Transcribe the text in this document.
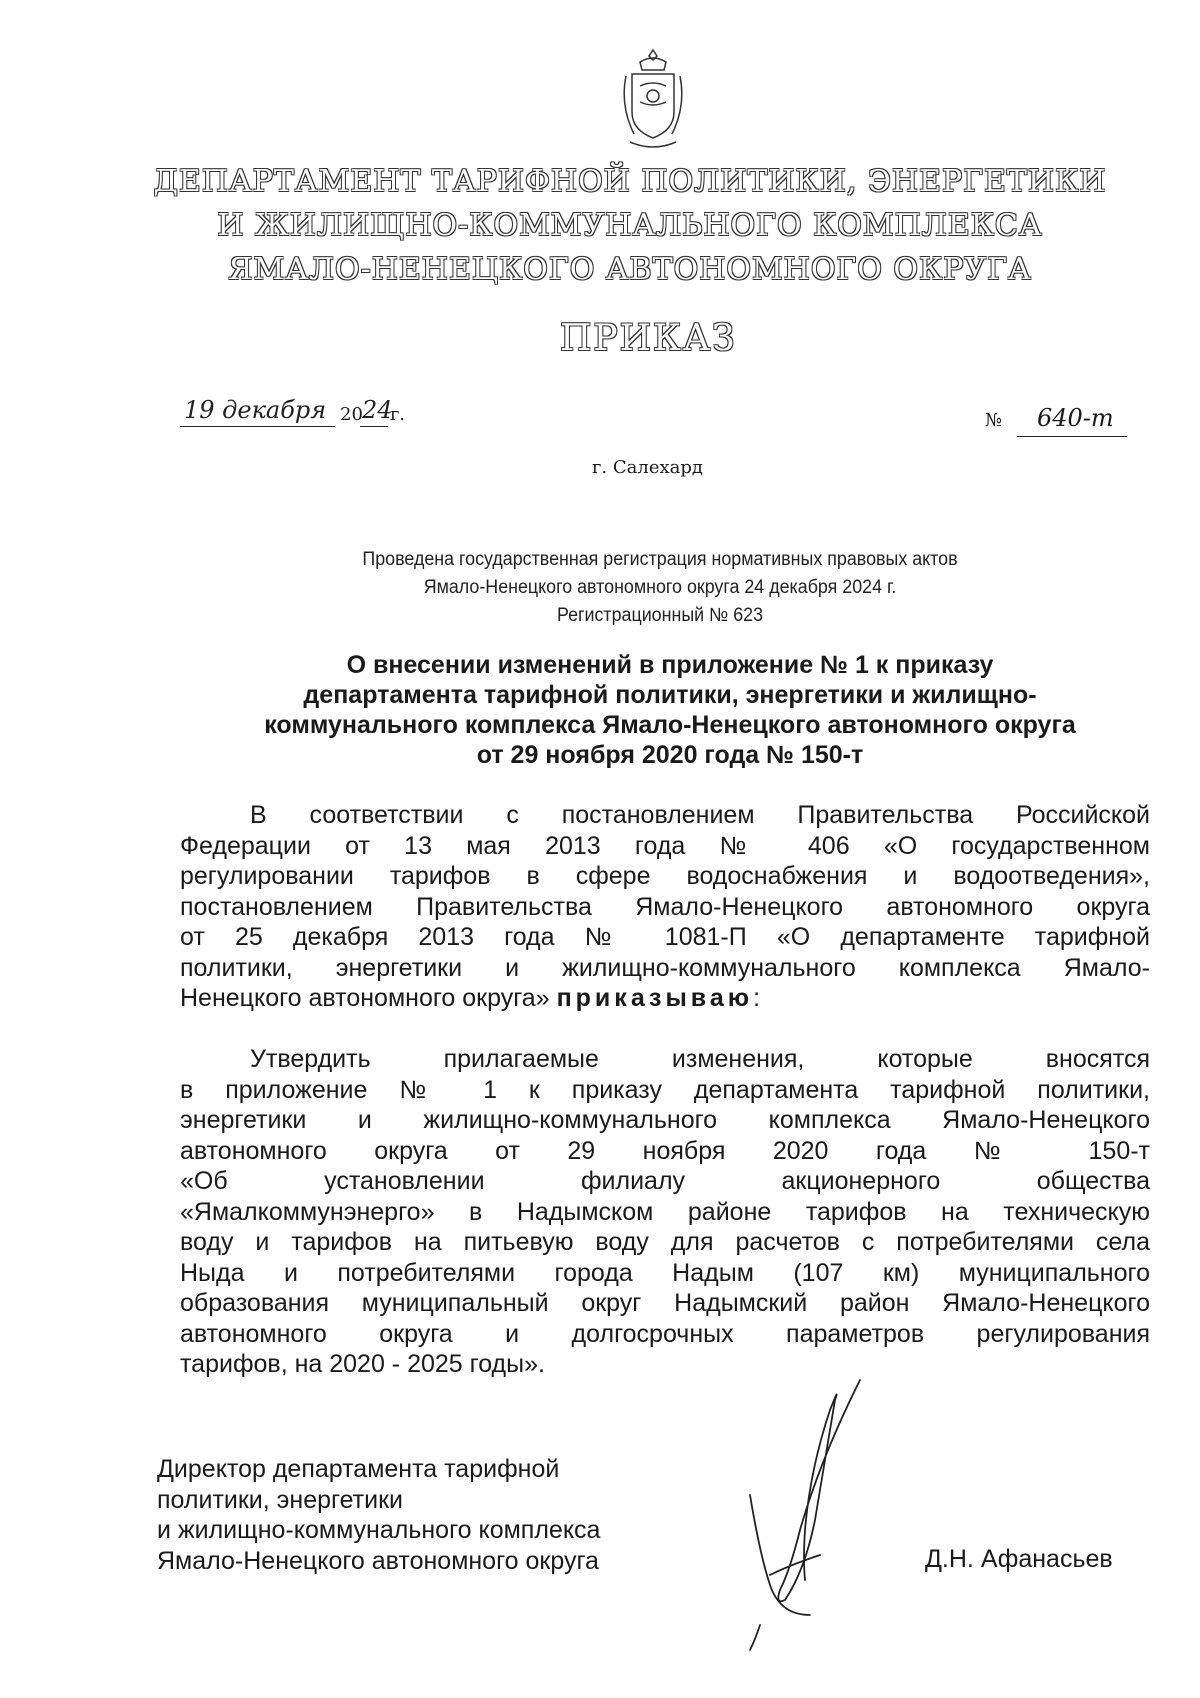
ДЕПАРТАМЕНТ ТАРИФНОЙ ПОЛИТИКИ, ЭНЕРГЕТИКИ
И ЖИЛИЩНО-КОММУНАЛЬНОГО КОМПЛЕКСА
ЯМАЛО-НЕНЕЦКОГО АВТОНОМНОГО ОКРУГА
ПРИКАЗ
19 декабря 20 24
г.	№ 640-т
г. Салехард
Проведена государственная регистрация нормативных правовых актов
Ямало-Ненецкого автономного округа 24 декабря 2024 г.
Регистрационный № 623
О внесении изменений в приложение № 1 к приказу
департамента тарифной политики, энергетики и жилищно-
коммунального комплекса Ямало-Ненецкого автономного округа
от 29 ноября 2020 года № 150-т
В соответствии с постановлением Правительства Российской
Федерации от 13 мая 2013 года № 406 «О государственном
регулировании тарифов в сфере водоснабжения и водоотведения»,
постановлением Правительства Ямало-Ненецкого автономного округа
от 25 декабря 2013 года № 1081-П «О департаменте тарифной
политики, энергетики и жилищно-коммунального комплекса Ямало-
Ненецкого автономного округа» приказываю:
Утвердить прилагаемые изменения, которые вносятся
в приложение № 1 к приказу департамента тарифной политики,
энергетики и жилищно-коммунального комплекса Ямало-Ненецкого
автономного округа от 29 ноября 2020 года № 150-т
«Об установлении филиалу акционерного общества
«Ямалкоммунэнерго» в Надымском районе тарифов на техническую
воду и тарифов на питьевую воду для расчетов с потребителями села
Ныда и потребителями города Надым (107 км) муниципального
образования муниципальный округ Надымский район Ямало-Ненецкого
автономного округа и долгосрочных параметров регулирования
тарифов, на 2020 - 2025 годы».
Директор департамента тарифной
политики, энергетики
и жилищно-коммунального комплекса
Ямало-Ненецкого автономного округа	Д.Н. Афанасьев
